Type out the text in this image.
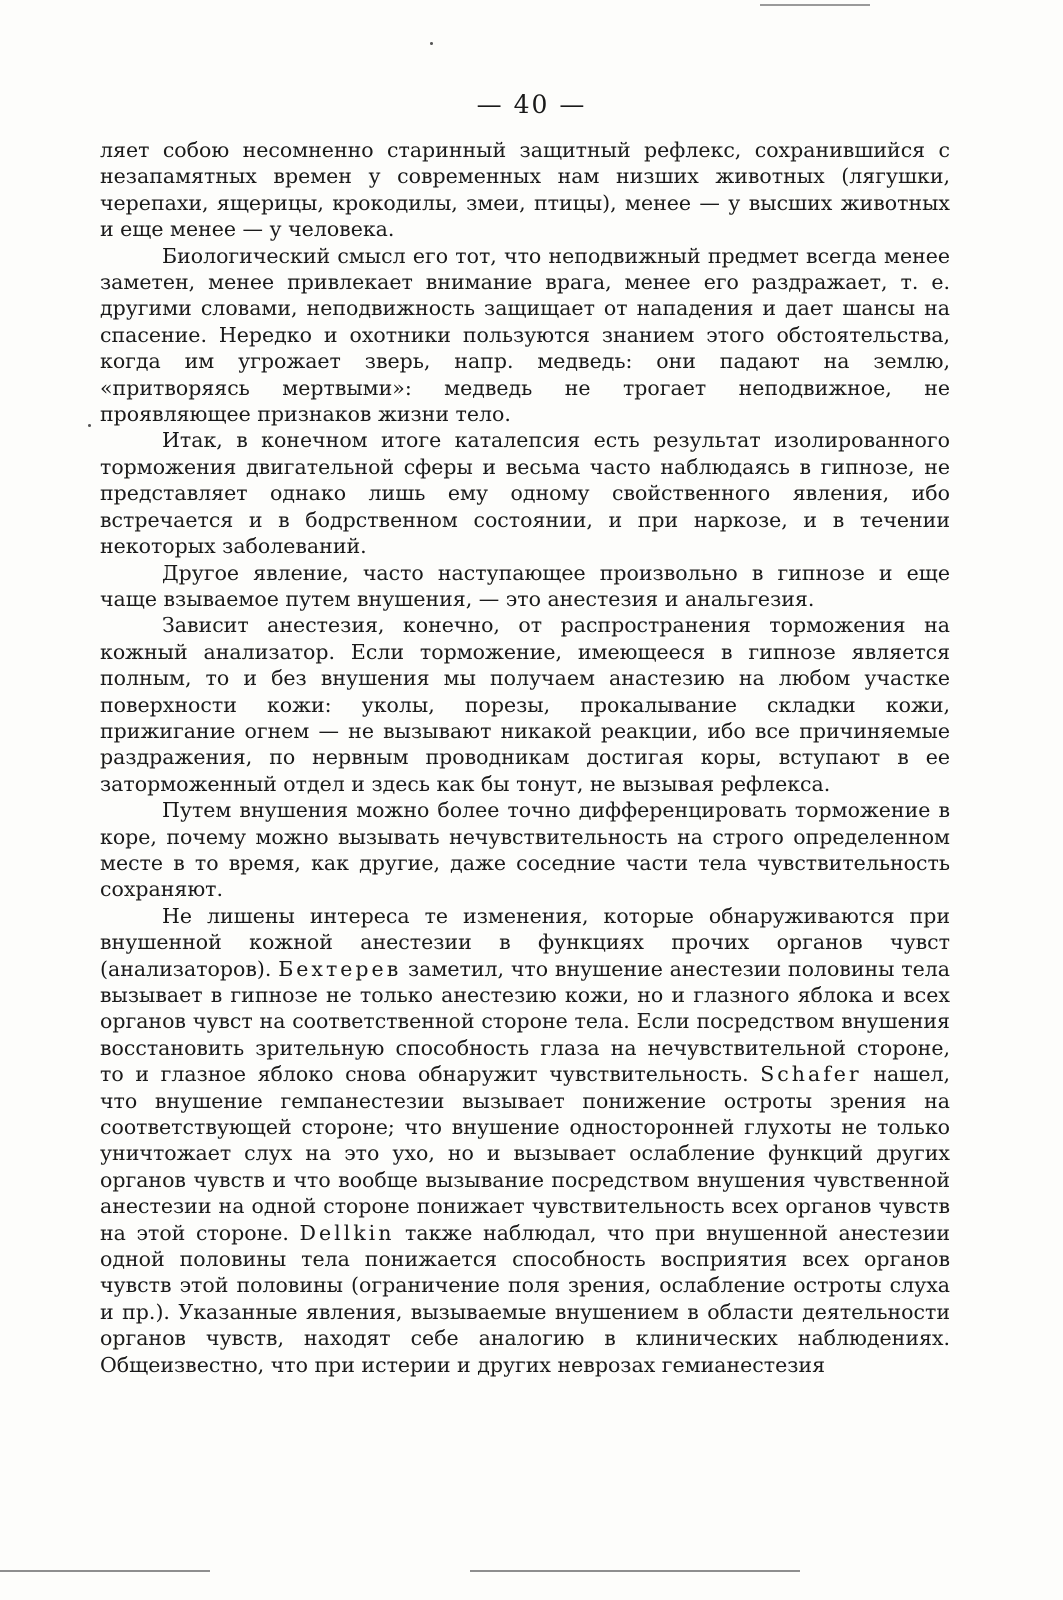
— 40 —

ляет собою несомненно старинный защитный рефлекс, сохранившийся с незапамятных времен у современных нам низших животных (лягушки, черепахи, ящерицы, крокодилы, змеи, птицы), менее — у высших животных и еще менее — у человека.

Биологический смысл его тот, что неподвижный предмет всегда менее заметен, менее привлекает внимание врага, менее его раздражает, т. е. другими словами, неподвижность защищает от нападения и дает шансы на спасение. Нередко и охотники пользуются знанием этого обстоятельства, когда им угрожает зверь, напр. медведь: они падают на землю, «притворяясь мертвыми»: медведь не трогает неподвижное, не проявляющее признаков жизни тело.

Итак, в конечном итоге каталепсия есть результат изолированного торможения двигательной сферы и весьма часто наблюдаясь в гипнозе, не представляет однако лишь ему одному свойственного явления, ибо встречается и в бодрственном состоянии, и при наркозе, и в течении некоторых заболеваний.

Другое явление, часто наступающее произвольно в гипнозе и еще чаще взываемое путем внушения, — это анестезия и анальгезия.

Зависит анестезия, конечно, от распространения торможения на кожный анализатор. Если торможение, имеющееся в гипнозе является полным, то и без внушения мы получаем анастезию на любом участке поверхности кожи: уколы, порезы, прокалывание складки кожи, прижигание огнем — не вызывают никакой реакции, ибо все причиняемые раздражения, по нервным проводникам достигая коры, вступают в ее заторможенный отдел и здесь как бы тонут, не вызывая рефлекса.

Путем внушения можно более точно дифференцировать торможение в коре, почему можно вызывать нечувствительность на строго определенном месте в то время, как другие, даже соседние части тела чувствительность сохраняют.

Не лишены интереса те изменения, которые обнаруживаются при внушенной кожной анестезии в функциях прочих органов чувст (анализаторов). Бехтерев заметил, что внушение анестезии половины тела вызывает в гипнозе не только анестезию кожи, но и глазного яблока и всех органов чувст на соответственной стороне тела. Если посредством внушения восстановить зрительную способность глаза на нечувствительной стороне, то и глазное яблоко снова обнаружит чувствительность. Schafer нашел, что внушение гемпанестезии вызывает понижение остроты зрения на соответствующей стороне; что внушение односторонней глухоты не только уничтожает слух на это ухо, но и вызывает ослабление функций других органов чувств и что вообще вызывание посредством внушения чувственной анестезии на одной стороне понижает чувствительность всех органов чувств на этой стороне. Dellkin также наблюдал, что при внушенной анестезии одной половины тела понижается способность восприятия всех органов чувств этой половины (ограничение поля зрения, ослабление остроты слуха и пр.). Указанные явления, вызываемые внушением в области деятельности органов чувств, находят себе аналогию в клинических наблюдениях. Общеизвестно, что при истерии и других неврозах гемианестезия
